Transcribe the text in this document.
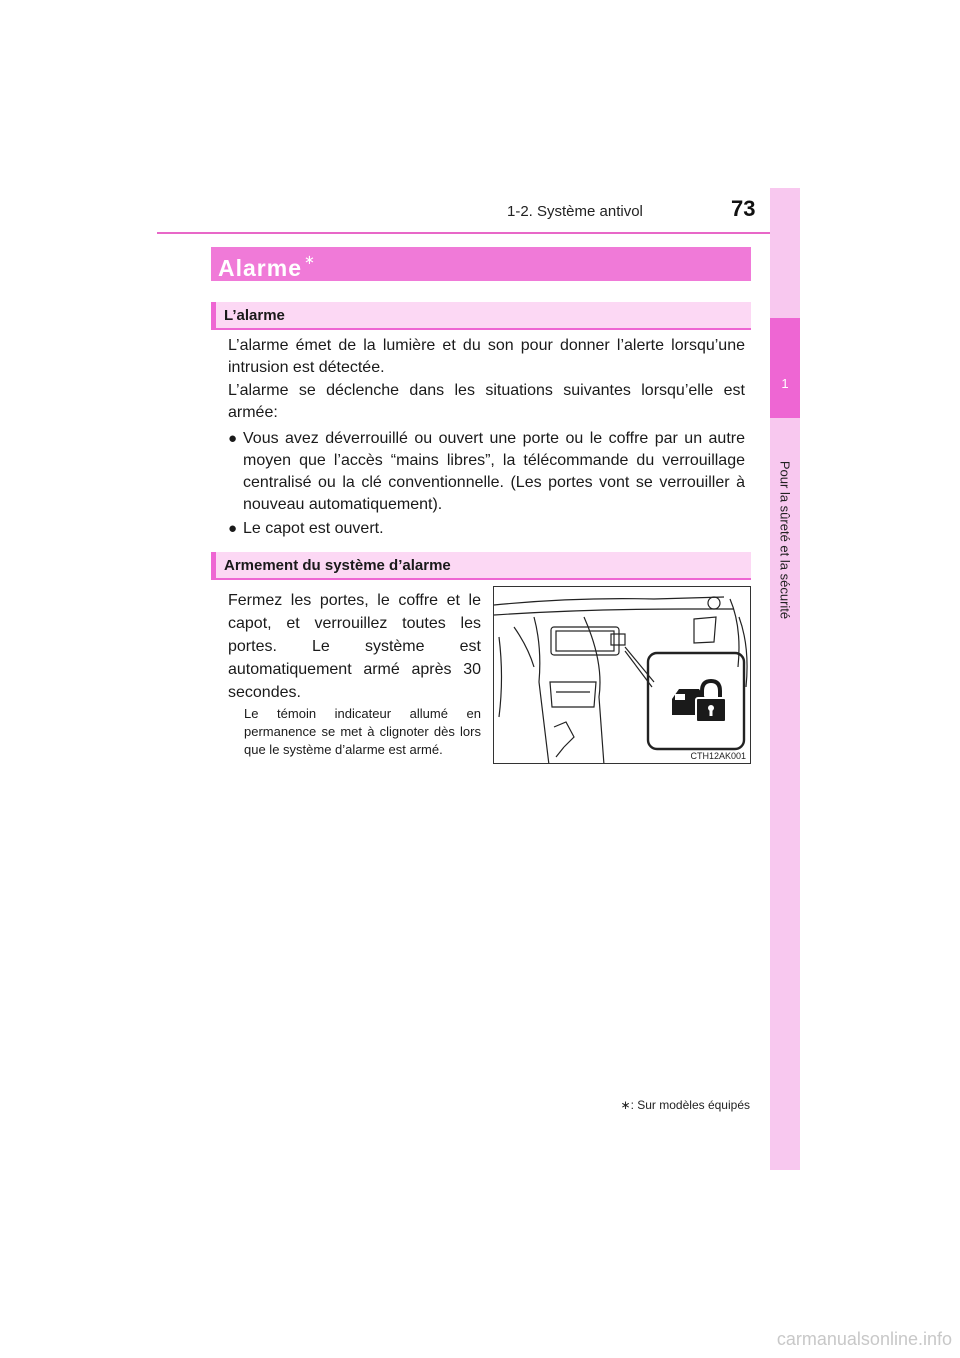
1-2. Système antivol	73
1
Pour la sûreté et la sécurité
Alarme ∗
L’alarme
L’alarme émet de la lumière et du son pour donner l’alerte lorsqu’une intrusion est détectée.
L’alarme se déclenche dans les situations suivantes lorsqu’elle est armée:
● Vous avez déverrouillé ou ouvert une porte ou le coffre par un autre moyen que l’accès “mains libres”, la télécommande du verrouillage centralisé ou la clé conventionnelle. (Les portes vont se verrouiller à nouveau automatiquement).
● Le capot est ouvert.
Armement du système d’alarme
Fermez les portes, le coffre et le capot, et verrouillez toutes les portes. Le système est automatiquement armé après 30 secondes.
Le témoin indicateur allumé en permanence se met à clignoter dès lors que le système d’alarme est armé.	CTH12AK001
∗: Sur modèles équipés
carmanualsonline.info
